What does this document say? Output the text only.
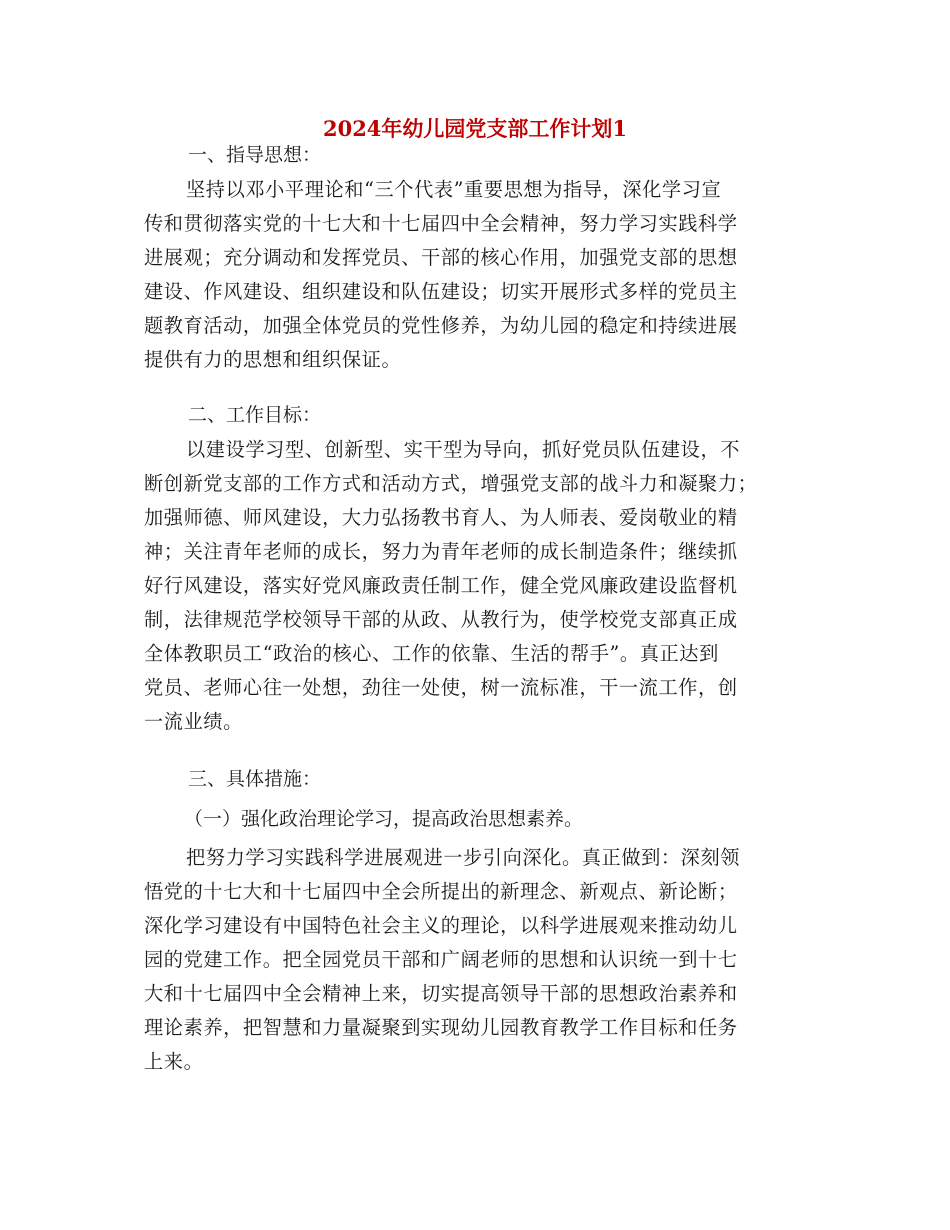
2024年幼儿园党支部工作计划1
一、指导思想：
坚持以邓小平理论和“三个代表”重要思想为指导，深化学习宣
传和贯彻落实党的十七大和十七届四中全会精神，努力学习实践科学
进展观；充分调动和发挥党员、干部的核心作用，加强党支部的思想
建设、作风建设、组织建设和队伍建设；切实开展形式多样的党员主
题教育活动，加强全体党员的党性修养，为幼儿园的稳定和持续进展
提供有力的思想和组织保证。
二、工作目标：
以建设学习型、创新型、实干型为导向，抓好党员队伍建设，不
断创新党支部的工作方式和活动方式，增强党支部的战斗力和凝聚力；
加强师德、师风建设，大力弘扬教书育人、为人师表、爱岗敬业的精
神；关注青年老师的成长，努力为青年老师的成长制造条件；继续抓
好行风建设，落实好党风廉政责任制工作，健全党风廉政建设监督机
制，法律规范学校领导干部的从政、从教行为，使学校党支部真正成
全体教职员工“政治的核心、工作的依靠、生活的帮手”。真正达到
党员、老师心往一处想，劲往一处使，树一流标准，干一流工作，创
一流业绩。
三、具体措施：
（一）强化政治理论学习，提高政治思想素养。
把努力学习实践科学进展观进一步引向深化。真正做到：深刻领
悟党的十七大和十七届四中全会所提出的新理念、新观点、新论断；
深化学习建设有中国特色社会主义的理论，以科学进展观来推动幼儿
园的党建工作。把全园党员干部和广阔老师的思想和认识统一到十七
大和十七届四中全会精神上来，切实提高领导干部的思想政治素养和
理论素养，把智慧和力量凝聚到实现幼儿园教育教学工作目标和任务
上来。
